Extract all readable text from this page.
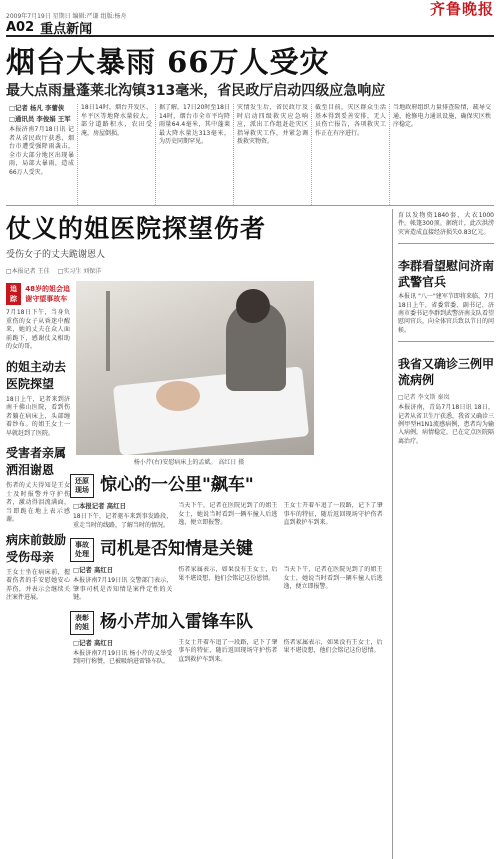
2009年7月19日 星期日 编辑:严谦 组版:杨舟	齐鲁晚报
A02 重点新闻
烟台大暴雨 66万人受灾
最大点雨量蓬莱北沟镇313毫米，省民政厅启动四级应急响应
□记者 杨凡 李蕾侠
□通讯员 李俊娟 王军
本报济南7月18日讯 记者从省民政厅获悉，烟台市遭受强降雨袭击，全市大部分地区出现暴雨，局部大暴雨，造成66万人受灾。
18日14时，烟台开发区、牟平区等地降水量较大，部分道路积水，农田受淹，房屋倒损。
据了解，17日20时至18日14时，烟台市全市平均降雨量64.4毫米，其中蓬莱最大降水量达313毫米，为历史同期罕见。
灾情发生后，省民政厅及时启动四级救灾应急响应，派出工作组赶赴灾区指导救灾工作，并紧急调拨救灾物资。
截至目前，灾区群众生活基本得到妥善安排，无人员伤亡报告，各项救灾工作正在有序进行。
当地政府组织力量排查险情，疏导交通，抢修电力通讯设施，确保灾区秩序稳定。
仗义的姐医院探望伤者
受伤女子的丈夫跪谢恩人
□本报记者 王佳 □实习生 刘保洋
追踪
48岁的姐会追谢守望事故车
7月18日下午，当身负重伤的女子从昏迷中醒来，她的丈夫在众人面前跪下，感谢仗义相助的女的哥。
的姐主动去医院探望
18日上午，记者来到济南千佛山医院，看到伤者躺在病床上，头部缠着纱布。的姐王女士一早就赶到了医院。
受害者亲属洒泪谢恩
伤者的丈夫得知是王女士及时报警并守护伤者，激动得泪流满面，当即跪在地上表示感谢。
病床前鼓励受伤母亲
王女士坐在病床前，握着伤者的手安慰她安心养伤，并表示会继续关注案件进展。
杨小芹(右)安慰病床上的孟斌。 高红日 摄
还原现场 惊心的一公里"飙车"
□本报记者 高红日
18日下午，记者驱车来到事发路段，重走当时的线路，了解当时的情况。
当天下午，记者在医院见到了的姐王女士，她说当时看到一辆车撞人后逃逸，便立即报警。
王女士开着车追了一段路，记下了肇事车的特征，随后返回现场守护伤者直到救护车到来。
事故处理 司机是否知情是关键
□记者 高红日
本报济南7月19日讯 交警部门表示，肇事司机是否知情是案件定性的关键。
伤者家属表示，如果没有王女士，后果不堪设想，他们会铭记这份恩情。
当天下午，记者在医院见到了的姐王女士，她说当时看到一辆车撞人后逃逸，便立即报警。
表彰的姐 杨小芹加入雷锋车队
□记者 高红日
本报济南7月19日讯 杨小芹的义举受到同行称赞，已被吸纳进雷锋车队。
王女士开着车追了一段路，记下了肇事车的特征，随后返回现场守护伤者直到救护车到来。
伤者家属表示，如果没有王女士，后果不堪设想，他们会铭记这份恩情。
育以发物资1840套，大衣1000件，帐篷300顶。据统计，此次洪涝灾害造成直接经济损失0.83亿元。
李群看望慰问济南武警官兵
本报讯 "八一"建军节即将来临，7月18日上午，省委常委、副书记、济南市委书记李群到武警济南支队看望慰问官兵，向全体官兵致以节日的问候。
我省又确诊三例甲流病例
□记者 李文斯 秦岚
本报济南，青岛7月18日讯 18日，记者从省卫生厅获悉，我省又确诊三例甲型H1N1流感病例，患者均为输入病例，病情稳定，已在定点医院隔离治疗。
